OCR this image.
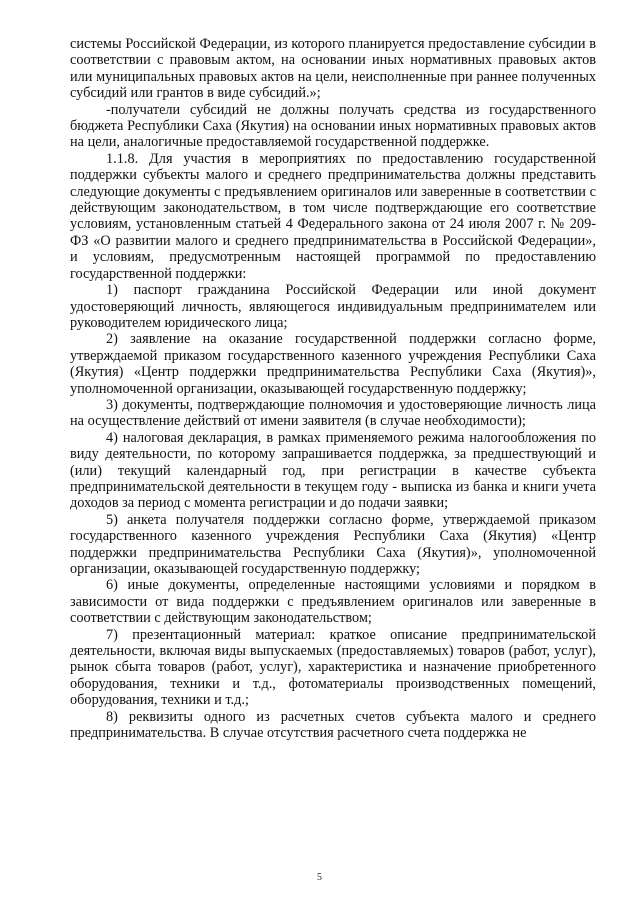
системы Российской Федерации, из которого планируется предоставление субсидии в соответствии с правовым актом, на основании иных нормативных правовых актов или муниципальных правовых актов на цели, неисполненные при раннее полученных субсидий или грантов в виде субсидий.»;

-получатели субсидий не должны получать средства из государственного бюджета Республики Саха (Якутия) на основании иных нормативных правовых актов на цели, аналогичные предоставляемой государственной поддержке.

1.1.8. Для участия в мероприятиях по предоставлению государственной поддержки субъекты малого и среднего предпринимательства должны представить следующие документы с предъявлением оригиналов или заверенные в соответствии с действующим законодательством, в том числе подтверждающие его соответствие условиям, установленным статьей 4 Федерального закона от 24 июля 2007 г. № 209-ФЗ «О развитии малого и среднего предпринимательства в Российской Федерации», и условиям, предусмотренным настоящей программой по предоставлению государственной поддержки:

1) паспорт гражданина Российской Федерации или иной документ удостоверяющий личность, являющегося индивидуальным предпринимателем или руководителем юридического лица;

2) заявление на оказание государственной поддержки согласно форме, утверждаемой приказом государственного казенного учреждения Республики Саха (Якутия) «Центр поддержки предпринимательства Республики Саха (Якутия)», уполномоченной организации, оказывающей государственную поддержку;

3) документы, подтверждающие полномочия и удостоверяющие личность лица на осуществление действий от имени заявителя (в случае необходимости);

4) налоговая декларация, в рамках применяемого режима налогообложения по виду деятельности, по которому запрашивается поддержка, за предшествующий и (или) текущий календарный год, при регистрации в качестве субъекта предпринимательской деятельности в текущем году - выписка из банка и книги учета доходов за период с момента регистрации и до подачи заявки;

5) анкета получателя поддержки согласно форме, утверждаемой приказом государственного казенного учреждения Республики Саха (Якутия) «Центр поддержки предпринимательства Республики Саха (Якутия)», уполномоченной организации, оказывающей государственную поддержку;

6) иные документы, определенные настоящими условиями и порядком в зависимости от вида поддержки с предъявлением оригиналов или заверенные в соответствии с действующим законодательством;

7) презентационный материал: краткое описание предпринимательской деятельности, включая виды выпускаемых (предоставляемых) товаров (работ, услуг), рынок сбыта товаров (работ, услуг), характеристика и назначение приобретенного оборудования, техники и т.д., фотоматериалы производственных помещений, оборудования, техники и т.д.;

8) реквизиты одного из расчетных счетов субъекта малого и среднего предпринимательства. В случае отсутствия расчетного счета поддержка не

5
